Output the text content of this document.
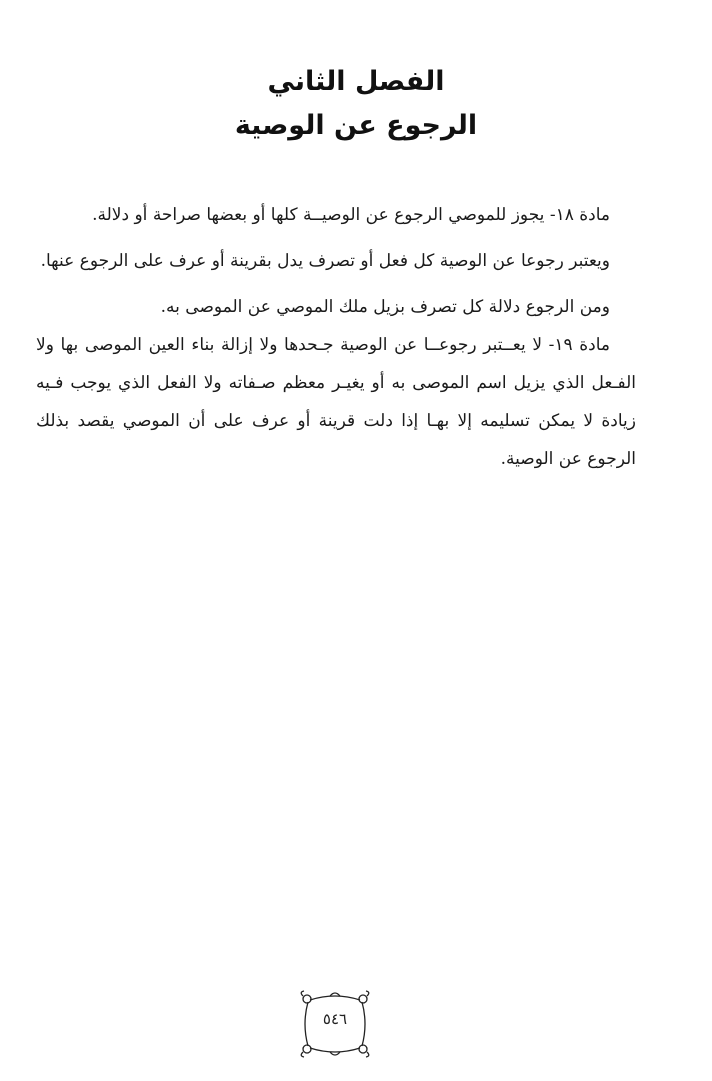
الفصل الثاني
الرجوع عن الوصية

مادة ١٨- يجوز للموصي الرجوع عن الوصيــة كلها أو بعضها صراحة أو دلالة.

ويعتبر رجوعا عن الوصية كل فعل أو تصرف يدل بقرينة أو عرف على الرجوع عنها.

ومن الرجوع دلالة كل تصرف بزيل ملك الموصي عن الموصى به.

مادة ١٩- لا يعــتبر رجوعــا عن الوصية جـحدها ولا إزالة بناء العين الموصى بها ولا الفـعل الذي يزيل اسم الموصى به أو يغيـر معظم صـفاته ولا الفعل الذي يوجب فـيه زيادة لا يمكن تسليمه إلا بهـا إذا دلت قرينة أو عرف على أن الموصي يقصد بذلك الرجوع عن الوصية.

٥٤٦
